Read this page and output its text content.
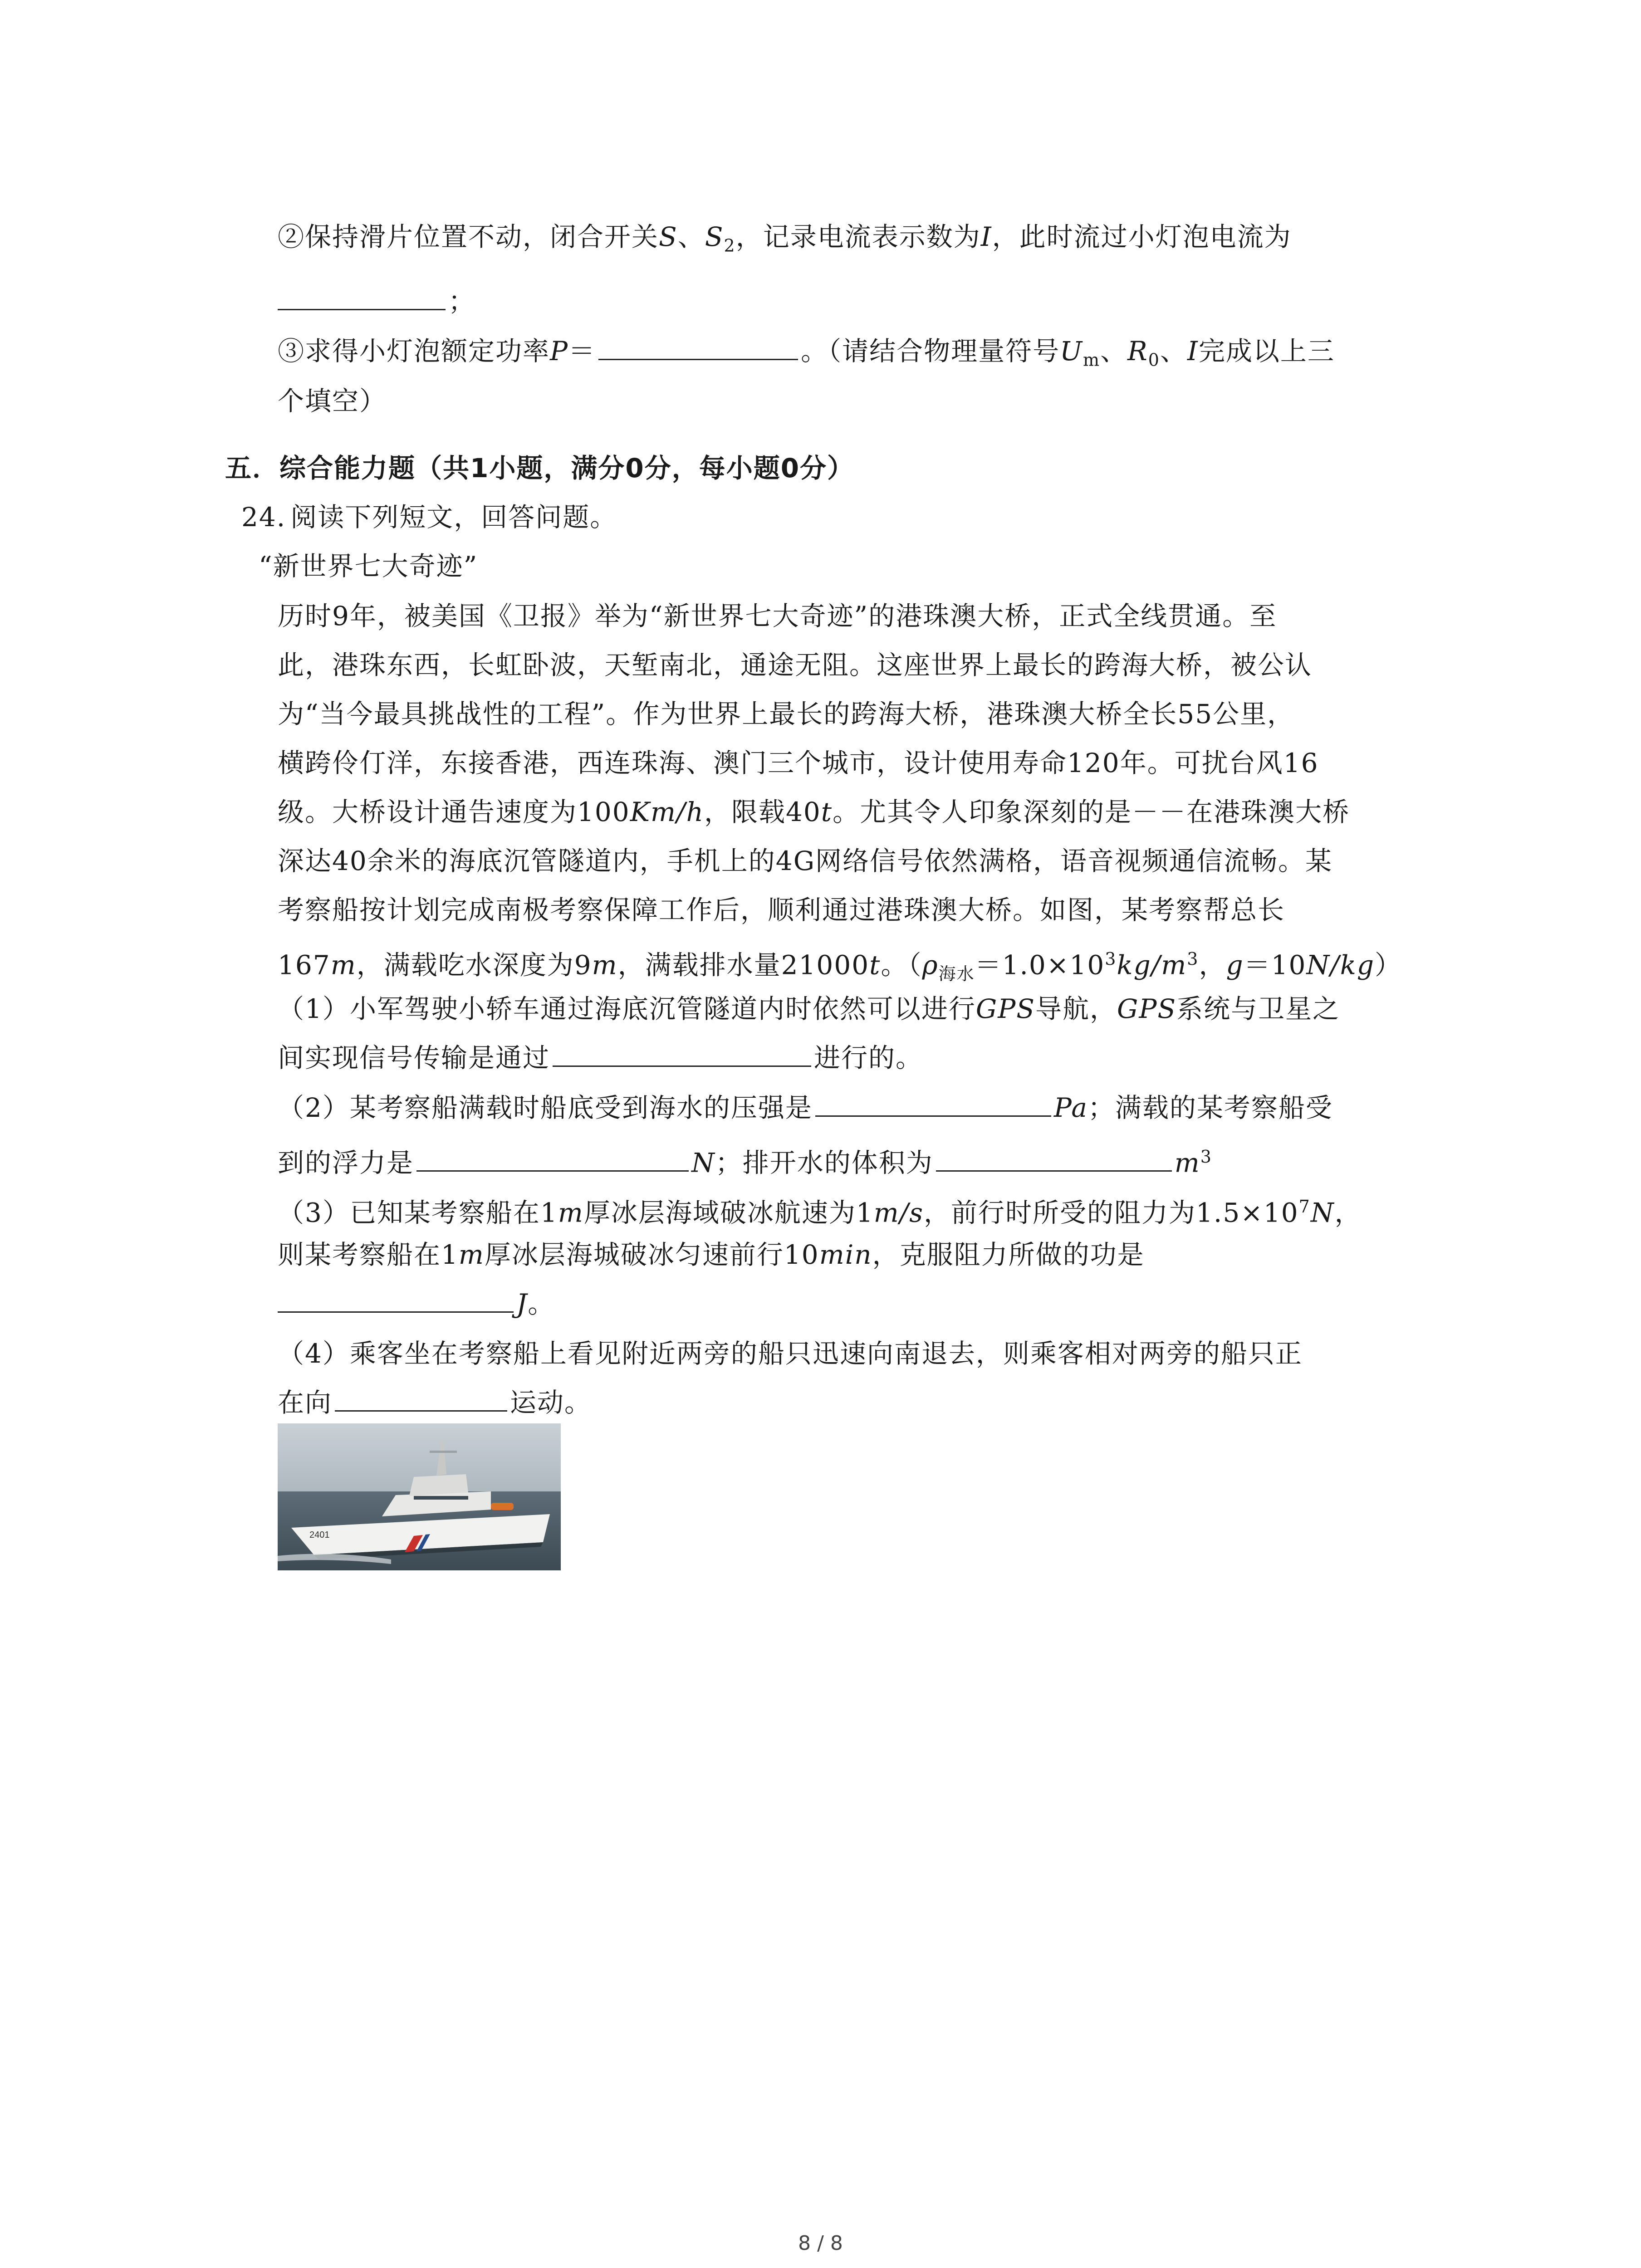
②保持滑片位置不动，闭合开关S、$S_2$，记录电流表示数为I，此时流过小灯泡电流为
；
③求得小灯泡额定功率P＝	。（请结合物理量符号$U_m$、$R_0$、I完成以上三
个填空）
五．综合能力题（共1小题，满分0分，每小题0分）
24. 阅读下列短文，回答问题。
“新世界七大奇迹”
历时9年，被美国《卫报》举为“新世界七大奇迹”的港珠澳大桥，正式全线贯通。至
此，港珠东西，长虹卧波，天堑南北，通途无阻。这座世界上最长的跨海大桥，被公认
为“当今最具挑战性的工程”。作为世界上最长的跨海大桥，港珠澳大桥全长55公里，
横跨伶仃洋，东接香港，西连珠海、澳门三个城市，设计使用寿命120年。可扰台风16
级。大桥设计通告速度为100Km/h，限载40t。尤其令人印象深刻的是－－在港珠澳大桥
深达40余米的海底沉管隧道内，手机上的4G网络信号依然满格，语音视频通信流畅。某
考察船按计划完成南极考察保障工作后，顺利通过港珠澳大桥。如图，某考察帮总长
167m，满载吃水深度为9m，满载排水量21000t。（$\rho_{海水}=1.0\times 10^3kg/m^3$，g＝10N/kg）
（1）小军驾驶小轿车通过海底沉管隧道内时依然可以进行GPS导航，GPS系统与卫星之
间实现信号传输是通过	进行的。
（2）某考察船满载时船底受到海水的压强是	Pa；满载的某考察船受
到的浮力是	N；排开水的体积为	$m^3$
（3）已知某考察船在1m厚冰层海域破冰航速为1m/s，前行时所受的阻力为$1.5\times 10^7N$，
则某考察船在1m厚冰层海城破冰匀速前行10min，克服阻力所做的功是
J。
（4）乘客坐在考察船上看见附近两旁的船只迅速向南退去，则乘客相对两旁的船只正
在向	运动。
2401
8 / 8
